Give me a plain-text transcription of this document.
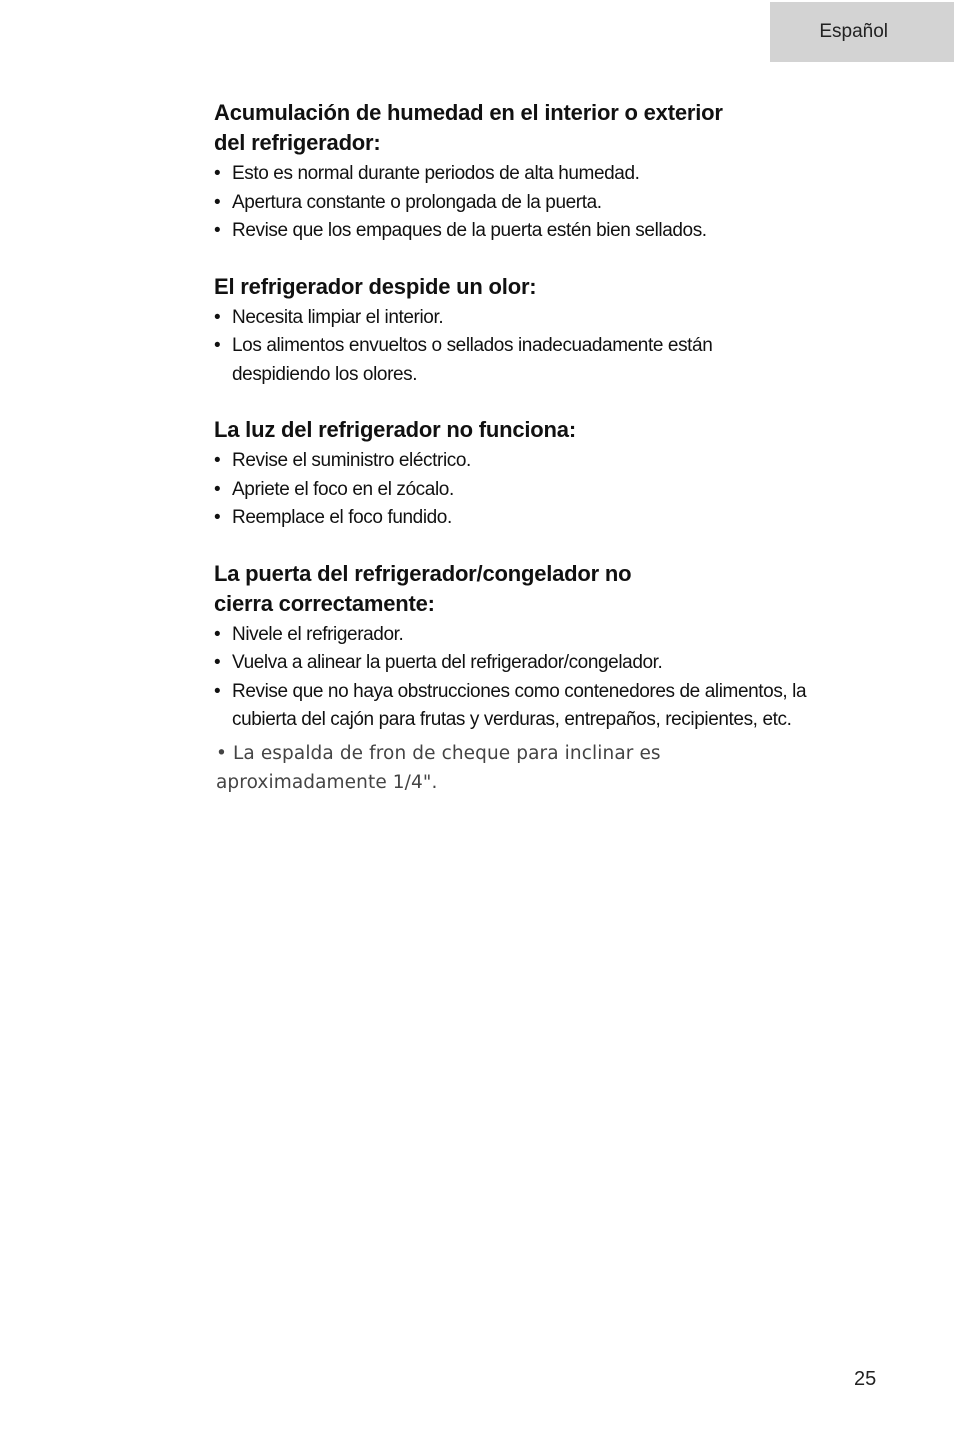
Español
Acumulación de humedad en el interior o exterior
del refrigerador:
• Esto es normal durante periodos de alta humedad.
• Apertura constante o prolongada de la puerta.
• Revise que los empaques de la puerta estén bien sellados.
El refrigerador despide un olor:
• Necesita limpiar el interior.
• Los alimentos envueltos o sellados inadecuadamente están despidiendo los olores.
La luz del refrigerador no funciona:
• Revise el suministro eléctrico.
• Apriete el foco en el zócalo.
• Reemplace el foco fundido.
La puerta del refrigerador/congelador no
cierra correctamente:
• Nivele el refrigerador.
• Vuelva a alinear la puerta del refrigerador/congelador.
• Revise que no haya obstrucciones como contenedores de alimentos, la cubierta del cajón para frutas y verduras, entrepaños, recipientes, etc.
• La espalda de fron de cheque para inclinar es
aproximadamente 1/4".
25
